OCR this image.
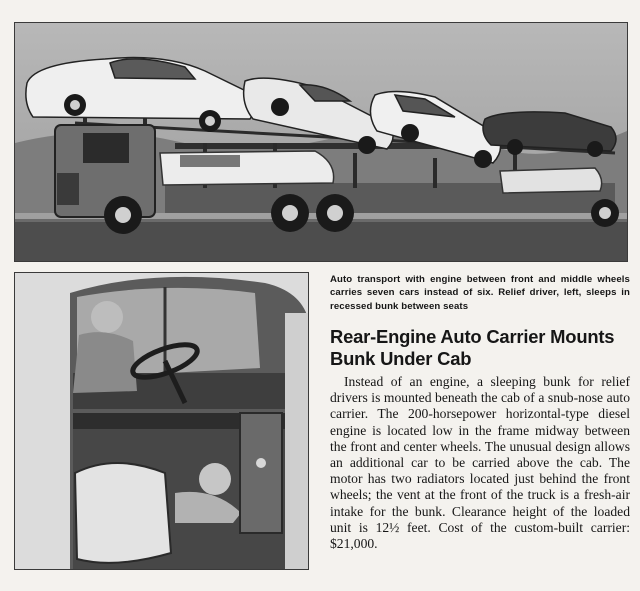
Auto transport with engine between front and middle wheels carries seven cars instead of six. Relief driver, left, sleeps in recessed bunk between seats
Rear-Engine Auto Carrier Mounts Bunk Under Cab

Instead of an engine, a sleeping bunk for relief drivers is mounted beneath the cab of a snub-nose auto carrier. The 200-horsepower horizontal-type diesel engine is located low in the frame midway between the front and center wheels. The unusual design allows an additional car to be carried above the cab. The motor has two radiators located just behind the front wheels; the vent at the front of the truck is a fresh-air intake for the bunk. Clearance height of the loaded unit is 12½ feet. Cost of the custom-built carrier: $21,000.
